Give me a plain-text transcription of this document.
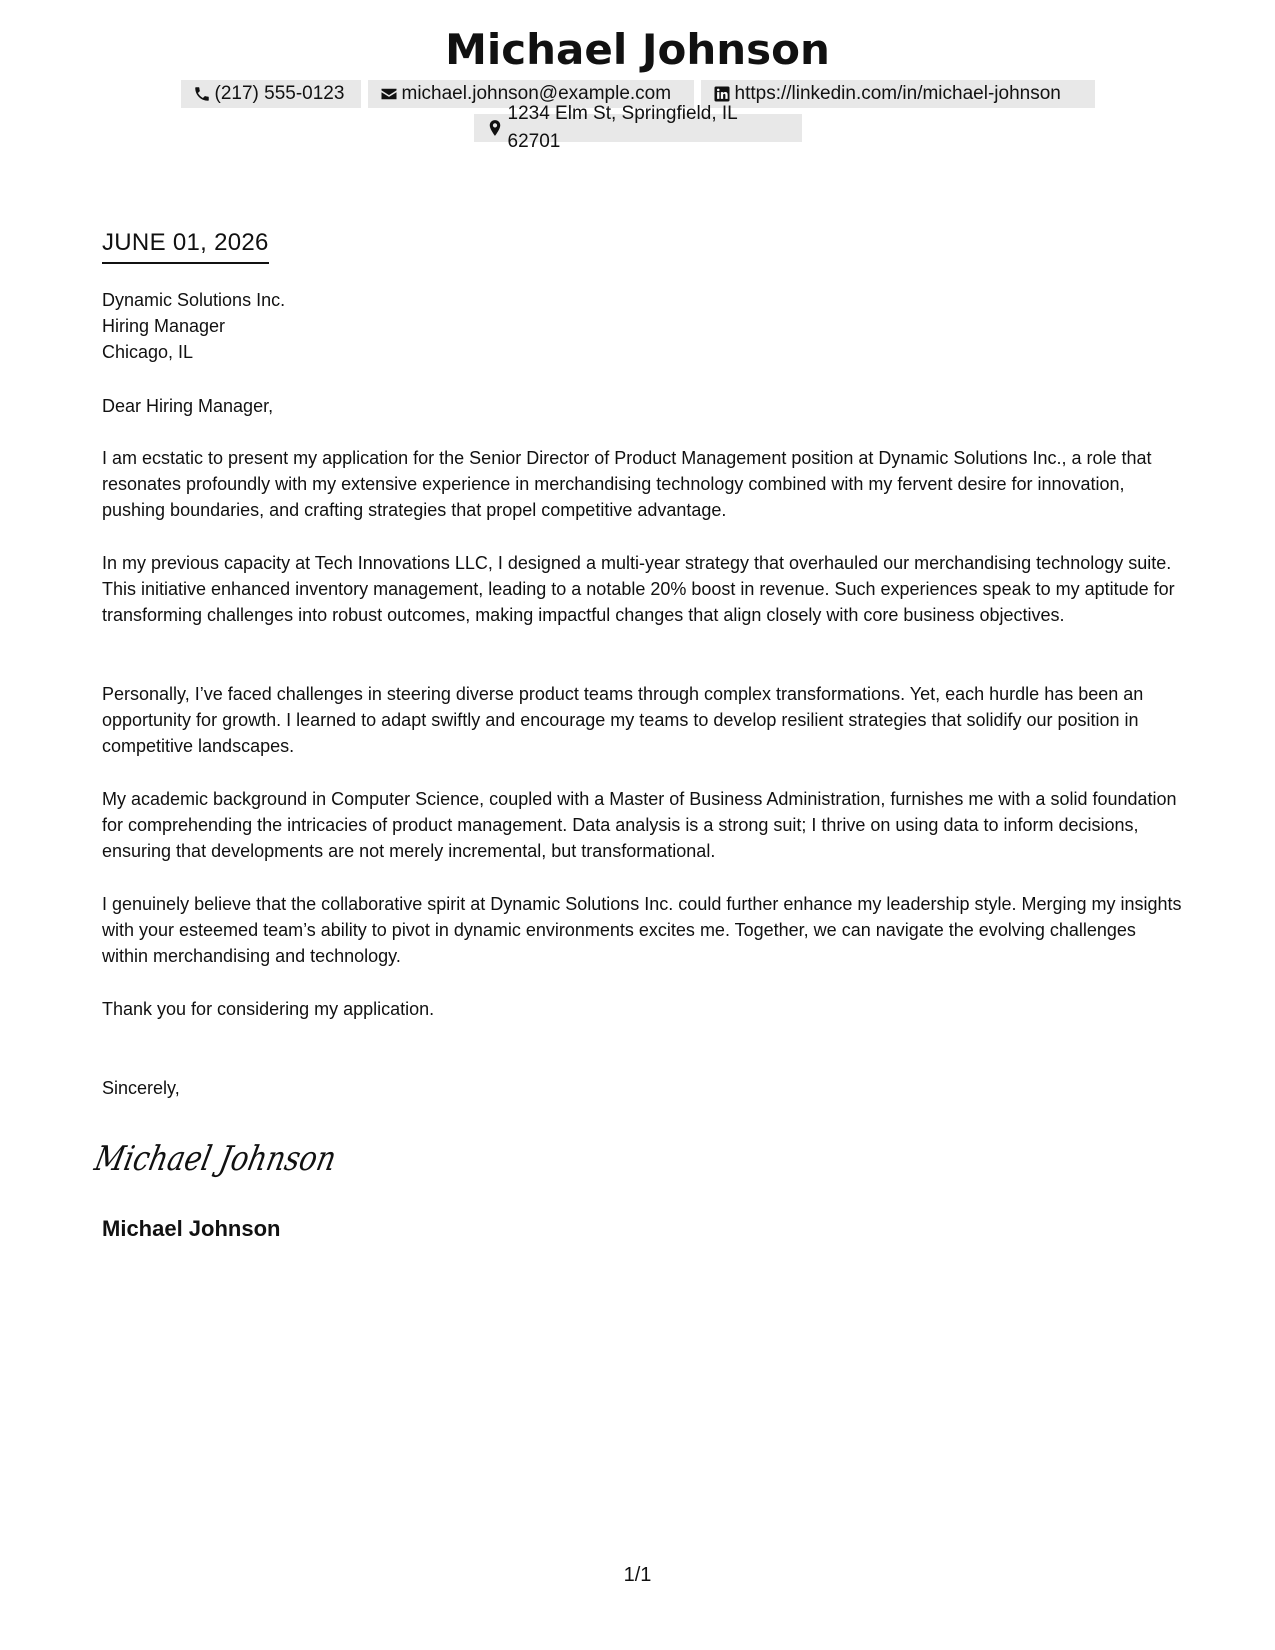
Michael Johnson
(217) 555-0123	michael.johnson@example.com	https://linkedin.com/in/michael-johnson
1234 Elm St, Springfield, IL 62701
JUNE 01, 2026
Dynamic Solutions Inc.
Hiring Manager
Chicago, IL

Dear Hiring Manager,

I am ecstatic to present my application for the Senior Director of Product Management position at Dynamic Solutions Inc., a role that resonates profoundly with my extensive experience in merchandising technology combined with my fervent desire for innovation, pushing boundaries, and crafting strategies that propel competitive advantage.

In my previous capacity at Tech Innovations LLC, I designed a multi-year strategy that overhauled our merchandising technology suite. This initiative enhanced inventory management, leading to a notable 20% boost in revenue. Such experiences speak to my aptitude for transforming challenges into robust outcomes, making impactful changes that align closely with core business objectives.

Personally, I’ve faced challenges in steering diverse product teams through complex transformations. Yet, each hurdle has been an opportunity for growth. I learned to adapt swiftly and encourage my teams to develop resilient strategies that solidify our position in competitive landscapes.

My academic background in Computer Science, coupled with a Master of Business Administration, furnishes me with a solid foundation for comprehending the intricacies of product management. Data analysis is a strong suit; I thrive on using data to inform decisions, ensuring that developments are not merely incremental, but transformational.

I genuinely believe that the collaborative spirit at Dynamic Solutions Inc. could further enhance my leadership style. Merging my insights with your esteemed team’s ability to pivot in dynamic environments excites me. Together, we can navigate the evolving challenges within merchandising and technology.

Thank you for considering my application.

Sincerely,

Michael Johnson
Michael Johnson
1/1
